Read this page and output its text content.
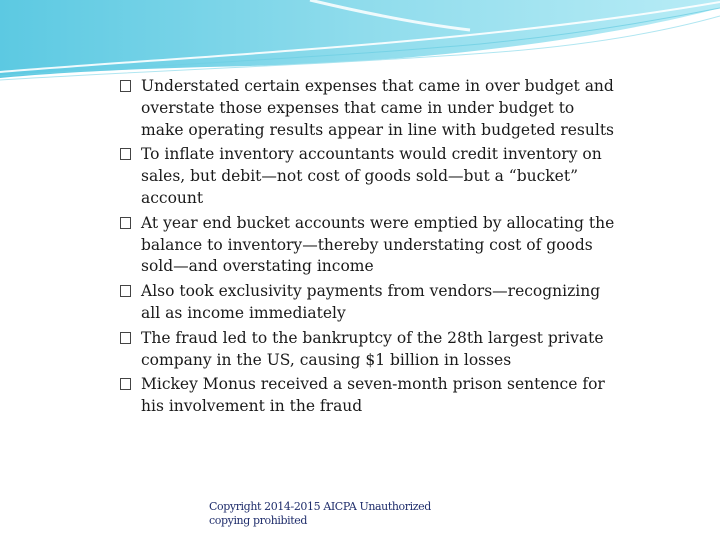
Understated certain expenses that came in over budget and overstate those expenses that came in under budget to make operating results appear in line with budgeted results
To inflate inventory accountants would credit inventory on sales, but debit—not cost of goods sold—but a “bucket” account
At year end bucket accounts were emptied by allocating the balance to inventory—thereby understating cost of goods sold—and overstating income
Also took exclusivity payments from vendors—recognizing all as income immediately
The fraud led to the bankruptcy of the 28th largest private company in the US, causing $1 billion in losses
Mickey Monus received a seven-month prison sentence for his involvement in the fraud
Copyright 2014-2015 AICPA Unauthorized copying prohibited
